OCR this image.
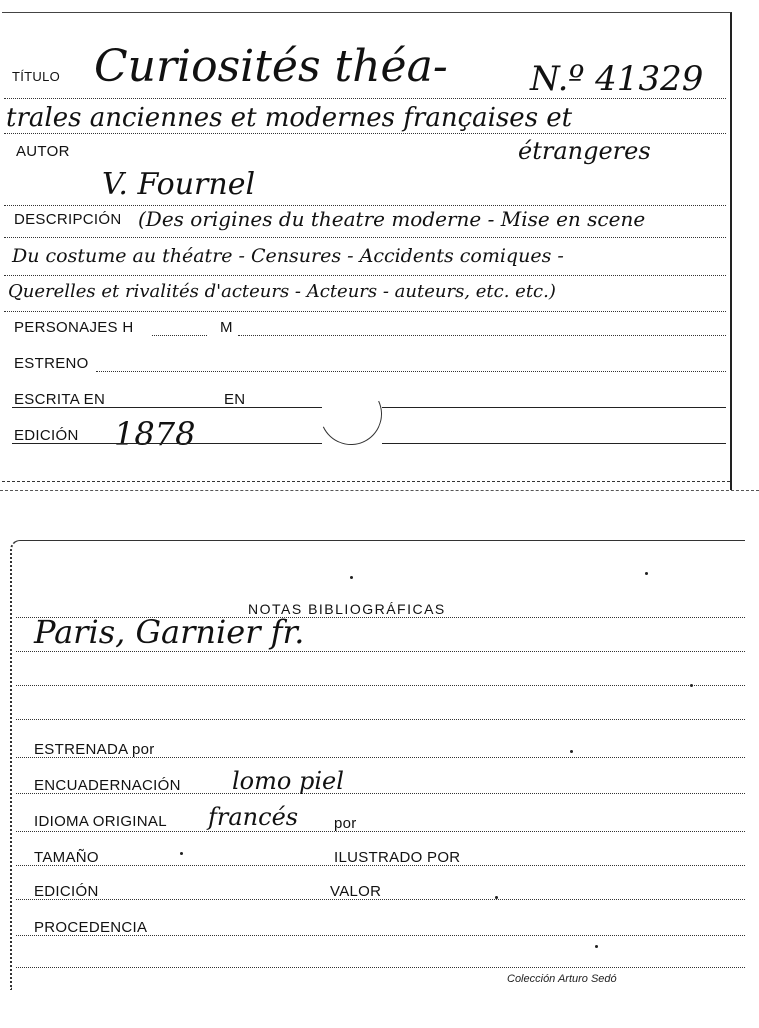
TÍTULO Curiosités théa- N.º 41329
trales anciennes et modernes françaises et
AUTOR	étrangeres
V. Fournel
DESCRIPCIÓN (Des origines du theatre moderne - Mise en scene
Du costume au théatre - Censures - Accidents comiques -
Querelles et rivalités d'acteurs - Acteurs - auteurs, etc. etc.)
PERSONAJES H	M
ESTRENO
ESCRITA EN	EN
EDICIÓN 1878
NOTAS BIBLIOGRÁFICAS
Paris, Garnier fr.
ESTRENADA por
ENCUADERNACIÓN lomo piel
IDIOMA ORIGINAL francés por
TAMAÑO	ILUSTRADO POR
EDICIÓN	VALOR
PROCEDENCIA
Colección Arturo Sedó
